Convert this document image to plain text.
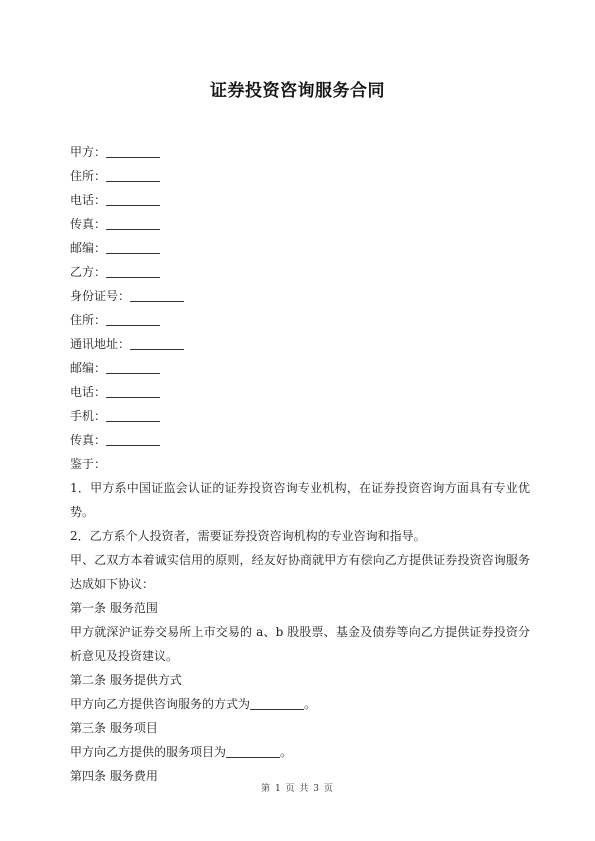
证券投资咨询服务合同
甲方：
住所：
电话：
传真：
邮编：
乙方：
身份证号：
住所：
通讯地址：
邮编：
电话：
手机：
传真：
鉴于：
1．甲方系中国证监会认证的证券投资咨询专业机构，在证券投资咨询方面具有专业优势。
2．乙方系个人投资者，需要证券投资咨询机构的专业咨询和指导。
甲、乙双方本着诚实信用的原则，经友好协商就甲方有偿向乙方提供证券投资咨询服务达成如下协议：
第一条 服务范围
甲方就深沪证券交易所上市交易的 a、b 股股票、基金及债券等向乙方提供证券投资分析意见及投资建议。
第二条 服务提供方式
甲方向乙方提供咨询服务的方式为	。
第三条 服务项目
甲方向乙方提供的服务项目为	。
第四条 服务费用
第 1 页 共 3 页
